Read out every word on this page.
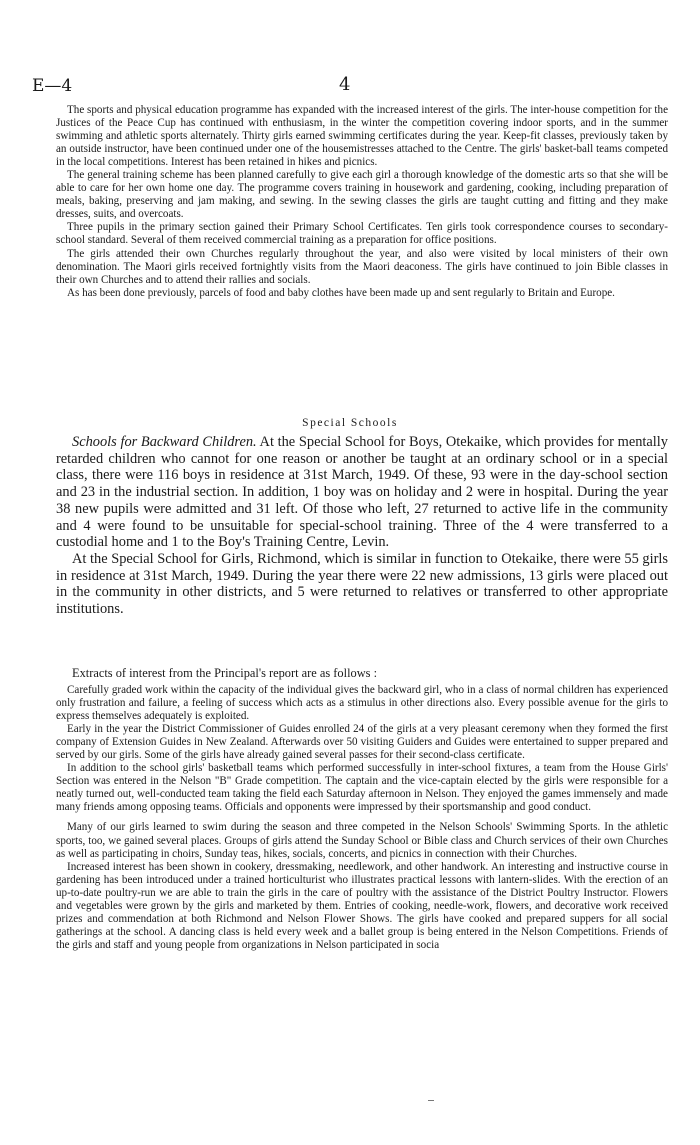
E—4	4

The sports and physical education programme has expanded with the increased interest of the girls. The inter-house competition for the Justices of the Peace Cup has continued with enthusiasm, in the winter the competition covering indoor sports, and in the summer swimming and athletic sports alternately. Thirty girls earned swimming certificates during the year. Keep-fit classes, previously taken by an outside instructor, have been continued under one of the housemistresses attached to the Centre. The girls' basket-ball teams competed in the local competitions. Interest has been retained in hikes and picnics.

The general training scheme has been planned carefully to give each girl a thorough knowledge of the domestic arts so that she will be able to care for her own home one day. The programme covers training in housework and gardening, cooking, including preparation of meals, baking, preserving and jam making, and sewing. In the sewing classes the girls are taught cutting and fitting and they make dresses, suits, and overcoats.

Three pupils in the primary section gained their Primary School Certificates. Ten girls took correspondence courses to secondary-school standard. Several of them received commercial training as a preparation for office positions.

The girls attended their own Churches regularly throughout the year, and also were visited by local ministers of their own denomination. The Maori girls received fortnightly visits from the Maori deaconess. The girls have continued to join Bible classes in their own Churches and to attend their rallies and socials.

As has been done previously, parcels of food and baby clothes have been made up and sent regularly to Britain and Europe.

Special Schools

Schools for Backward Children. At the Special School for Boys, Otekaike, which provides for mentally retarded children who cannot for one reason or another be taught at an ordinary school or in a special class, there were 116 boys in residence at 31st March, 1949. Of these, 93 were in the day-school section and 23 in the industrial section. In addition, 1 boy was on holiday and 2 were in hospital. During the year 38 new pupils were admitted and 31 left. Of those who left, 27 returned to active life in the community and 4 were found to be unsuitable for special-school training. Three of the 4 were transferred to a custodial home and 1 to the Boy's Training Centre, Levin.

At the Special School for Girls, Richmond, which is similar in function to Otekaike, there were 55 girls in residence at 31st March, 1949. During the year there were 22 new admissions, 13 girls were placed out in the community in other districts, and 5 were returned to relatives or transferred to other appropriate institutions.

Extracts of interest from the Principal's report are as follows :

Carefully graded work within the capacity of the individual gives the backward girl, who in a class of normal children has experienced only frustration and failure, a feeling of success which acts as a stimulus in other directions also. Every possible avenue for the girls to express themselves adequately is exploited.

Early in the year the District Commissioner of Guides enrolled 24 of the girls at a very pleasant ceremony when they formed the first company of Extension Guides in New Zealand. Afterwards over 50 visiting Guiders and Guides were entertained to supper prepared and served by our girls. Some of the girls have already gained several passes for their second-class certificate.

In addition to the school girls' basketball teams which performed successfully in inter-school fixtures, a team from the House Girls' Section was entered in the Nelson "B" Grade competition. The captain and the vice-captain elected by the girls were responsible for a neatly turned out, well-conducted team taking the field each Saturday afternoon in Nelson. They enjoyed the games immensely and made many friends among opposing teams. Officials and opponents were impressed by their sportsmanship and good conduct.

Many of our girls learned to swim during the season and three competed in the Nelson Schools' Swimming Sports. In the athletic sports, too, we gained several places. Groups of girls attend the Sunday School or Bible class and Church services of their own Churches as well as participating in choirs, Sunday teas, hikes, socials, concerts, and picnics in connection with their Churches.

Increased interest has been shown in cookery, dressmaking, needlework, and other handwork. An interesting and instructive course in gardening has been introduced under a trained horticulturist who illustrates practical lessons with lantern-slides. With the erection of an up-to-date poultry-run we are able to train the girls in the care of poultry with the assistance of the District Poultry Instructor. Flowers and vegetables were grown by the girls and marketed by them. Entries of cooking, needle-work, flowers, and decorative work received prizes and commendation at both Richmond and Nelson Flower Shows. The girls have cooked and prepared suppers for all social gatherings at the school. A dancing class is held every week and a ballet group is being entered in the Nelson Competitions. Friends of the girls and staff and young people from organizations in Nelson participated in socia
